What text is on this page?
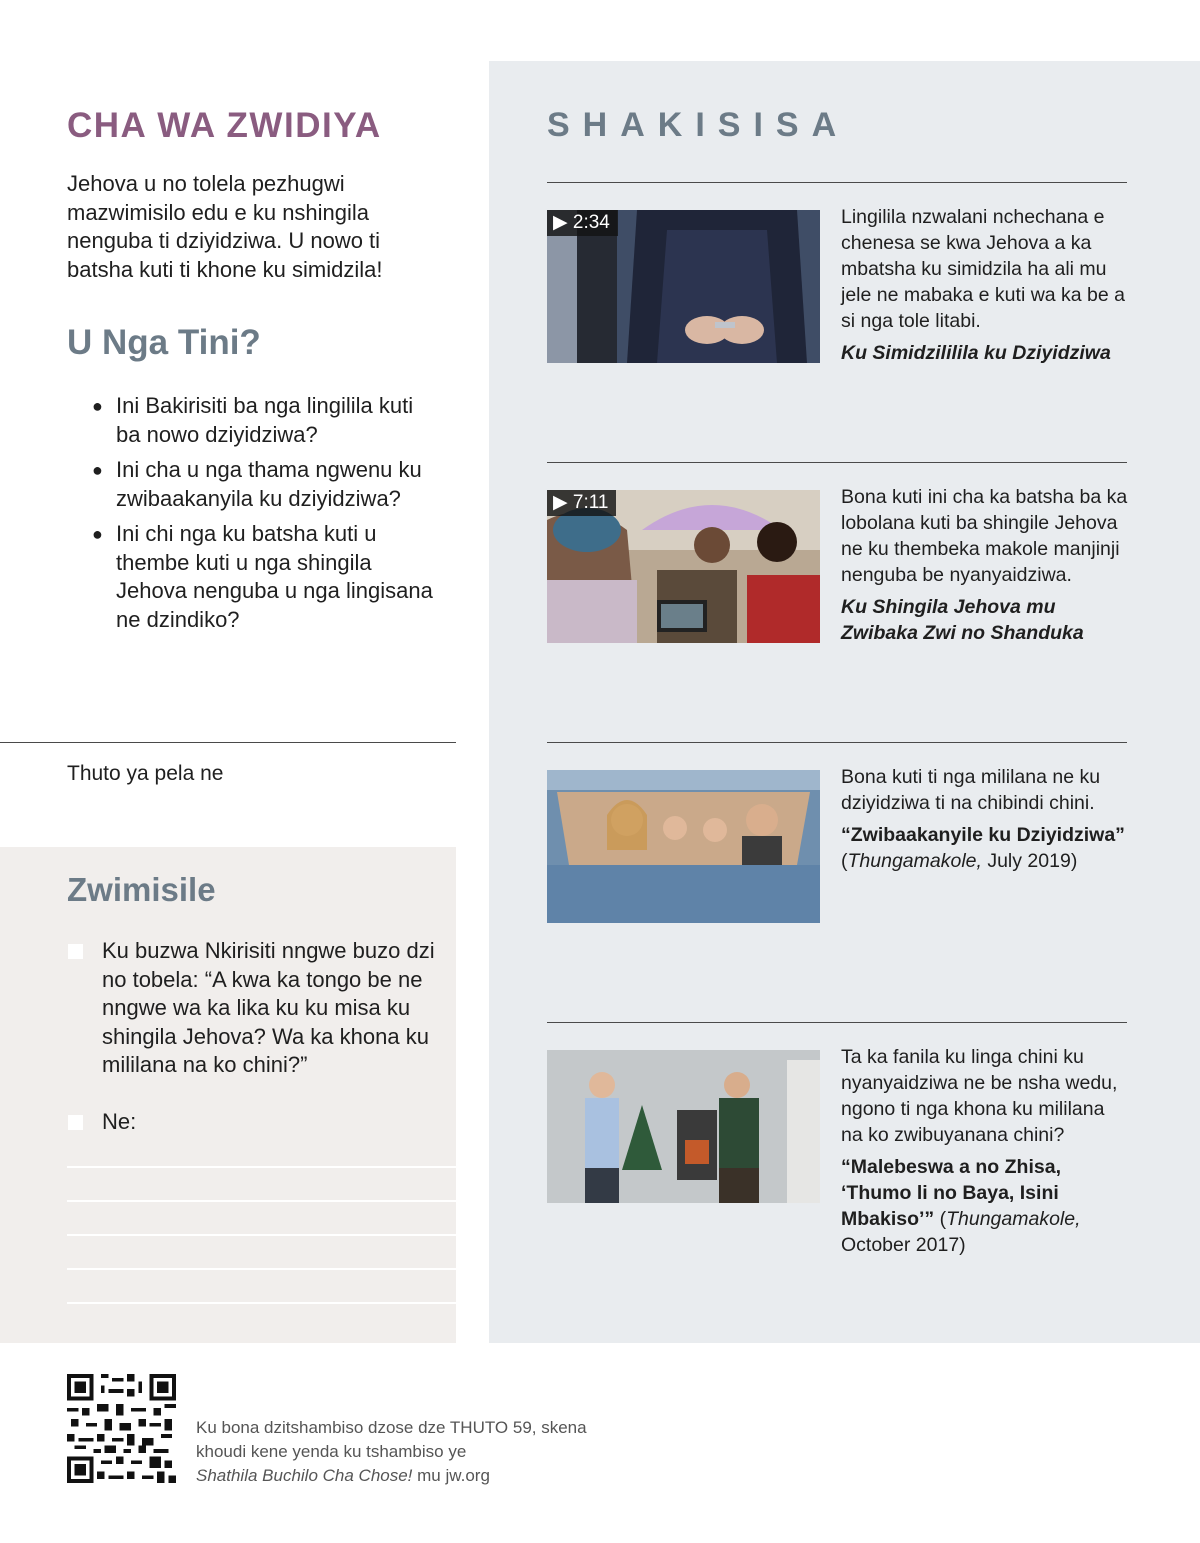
CHA WA ZWIDIYA

Jehova u no tolela pezhugwi mazwimisilo edu e ku nshingila nenguba ti dziyidziwa. U nowo ti batsha kuti ti khone ku simidzila!

U Nga Tini?
● Ini Bakirisiti ba nga lingilila kuti ba nowo dziyidziwa?
● Ini cha u nga thama ngwenu ku zwibaakanyila ku dziyidziwa?
● Ini chi nga ku batsha kuti u thembe kuti u nga shingila Jehova nenguba u nga lingisana ne dzindiko?

Thuto ya pela ne

Zwimisile
Ku buzwa Nkirisiti nngwe buzo dzi no tobela: “A kwa ka tongo be ne nngwe wa ka lika ku ku misa ku shingila Jehova? Wa ka khona ku mililana na ko chini?”
Ne:
SHAKISISA
▶ 2:34	Lingilila nzwalani nchechana e chenesa se kwa Jehova a ka mbatsha ku simidzila ha ali mu jele ne mabaka e kuti wa ka be a si nga tole litabi.
Ku Simidzililila ku Dziyidziwa
▶ 7:11	Bona kuti ini cha ka batsha ba ka lobolana kuti ba shingile Jehova ne ku thembeka makole manjinji nenguba be nyanyaidziwa.
Ku Shingila Jehova mu Zwibaka Zwi no Shanduka
Bona kuti ti nga mililana ne ku dziyidziwa ti na chibindi chini.
“Zwibaakanyile ku Dziyidziwa”
(Thungamakole, July 2019)
Ta ka fanila ku linga chini ku nyanyaidziwa ne be nsha wedu, ngono ti nga khona ku mililana na ko zwibuyanana chini?
“Malebeswa a no Zhisa, ‘Thumo li no Baya, Isini Mbakiso’” (Thungamakole, October 2017)

Ku bona dzitshambiso dzose dze THUTO 59, skena khoudi kene yenda ku tshambiso ye
Shathila Buchilo Cha Chose! mu jw.org
